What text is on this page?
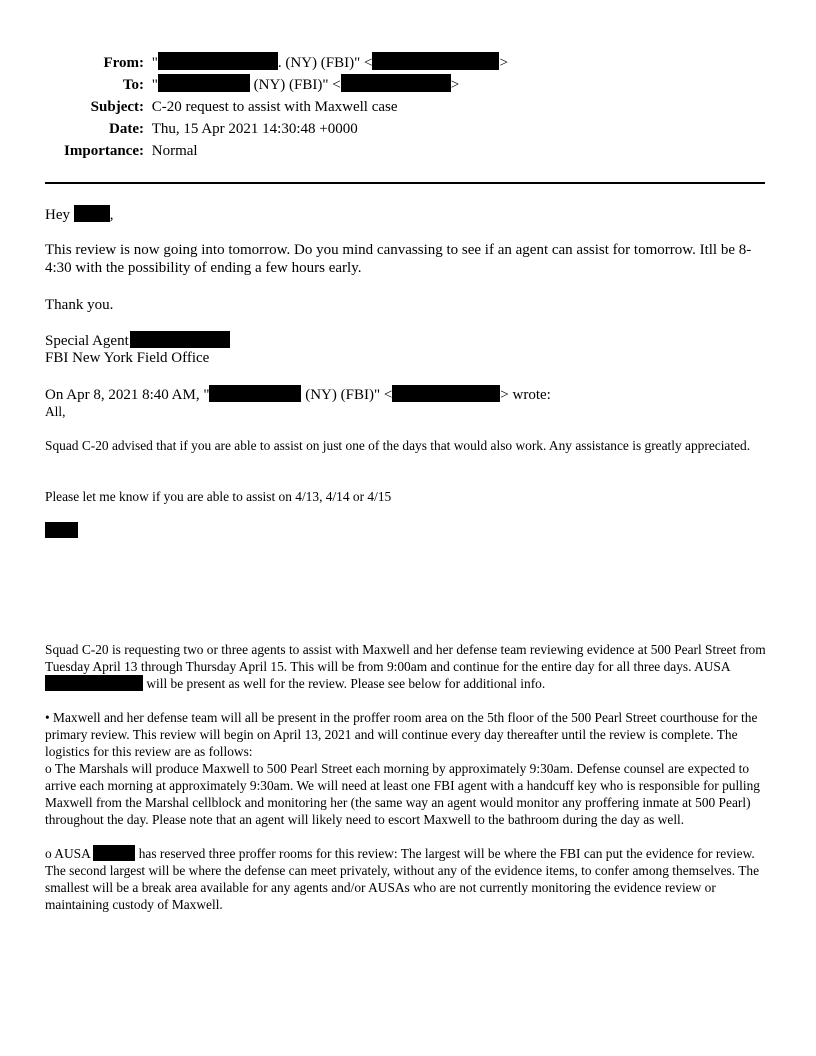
From: "	. (NY) (FBI)" <	>
To: "	(NY) (FBI)" <	>
Subject: C-20 request to assist with Maxwell case
Date: Thu, 15 Apr 2021 14:30:48 +0000
Importance: Normal
Hey	,
This review is now going into tomorrow. Do you mind canvassing to see if an agent can assist for tomorrow. Itll be 8-4:30 with the possibility of ending a few hours early.
Thank you.
Special Agent
FBI New York Field Office
On Apr 8, 2021 8:40 AM, "	(NY) (FBI)" <	> wrote:
All,
Squad C-20 advised that if you are able to assist on just one of the days that would also work. Any assistance is greatly appreciated.
Please let me know if you are able to assist on 4/13, 4/14 or 4/15
Squad C-20 is requesting two or three agents to assist with Maxwell and her defense team reviewing evidence at 500 Pearl Street from Tuesday April 13 through Thursday April 15. This will be from 9:00am and continue for the entire day for all three days. AUSA  will be present as well for the review. Please see below for additional info.
• Maxwell and her defense team will all be present in the proffer room area on the 5th floor of the 500 Pearl Street courthouse for the primary review. This review will begin on April 13, 2021 and will continue every day thereafter until the review is complete. The logistics for this review are as follows:
o The Marshals will produce Maxwell to 500 Pearl Street each morning by approximately 9:30am. Defense counsel are expected to arrive each morning at approximately 9:30am. We will need at least one FBI agent with a handcuff key who is responsible for pulling Maxwell from the Marshal cellblock and monitoring her (the same way an agent would monitor any proffering inmate at 500 Pearl) throughout the day. Please note that an agent will likely need to escort Maxwell to the bathroom during the day as well.
o AUSA	has reserved three proffer rooms for this review: The largest will be where the FBI can put the evidence for review. The second largest will be where the defense can meet privately, without any of the evidence items, to confer among themselves. The smallest will be a break area available for any agents and/or AUSAs who are not currently monitoring the evidence review or maintaining custody of Maxwell.
